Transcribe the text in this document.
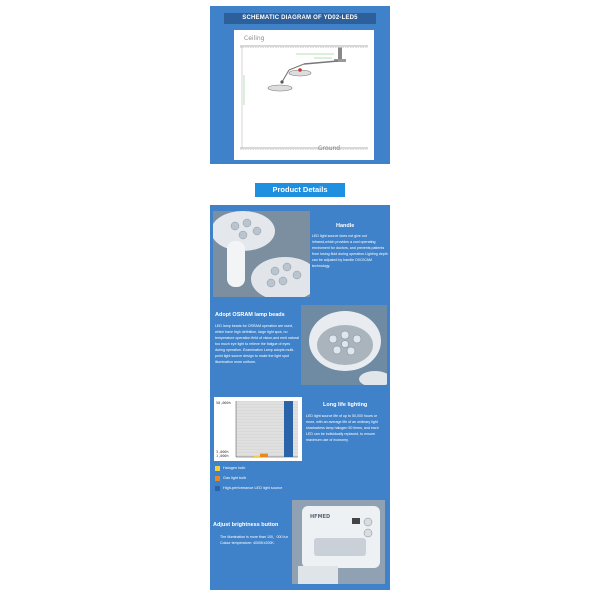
SCHEMATIC DIAGRAM OF YD02-LED5
Ceiling
Ground
Product Details
Handle
LED light source does not give out infrared,which provides a cool operating enviroment for doctors, and prevents patients from losing fluid during operation.Lighting depth can be adjusted by handle OXO/CAM technology.
Adopt OSRAM lamp beads
LED lamp beads for OSRAM operation are used, which have high definition, large light spot, no temperature operation field of vision,and emit natural too much eye light to relieve the fatigue of eyes during operation. Examination Lamp adopts multi-point light source design to make the light spot illumination more uniform.
50,000h
3,000h
1,000h
Long life lighting
LED light source life of up to 50,000 hours or more, with an average life of an ordinary light shadowless lamp halogen 50 times, and each LED can be individually replaced, to ensure maximum use of economy.
Halogen bulb
Gas light bulb
High-performance LED light source
Adjust brightness button
The illumination is more than 100，000 lux Colour temperature: 4000K±200K.
HFMED
